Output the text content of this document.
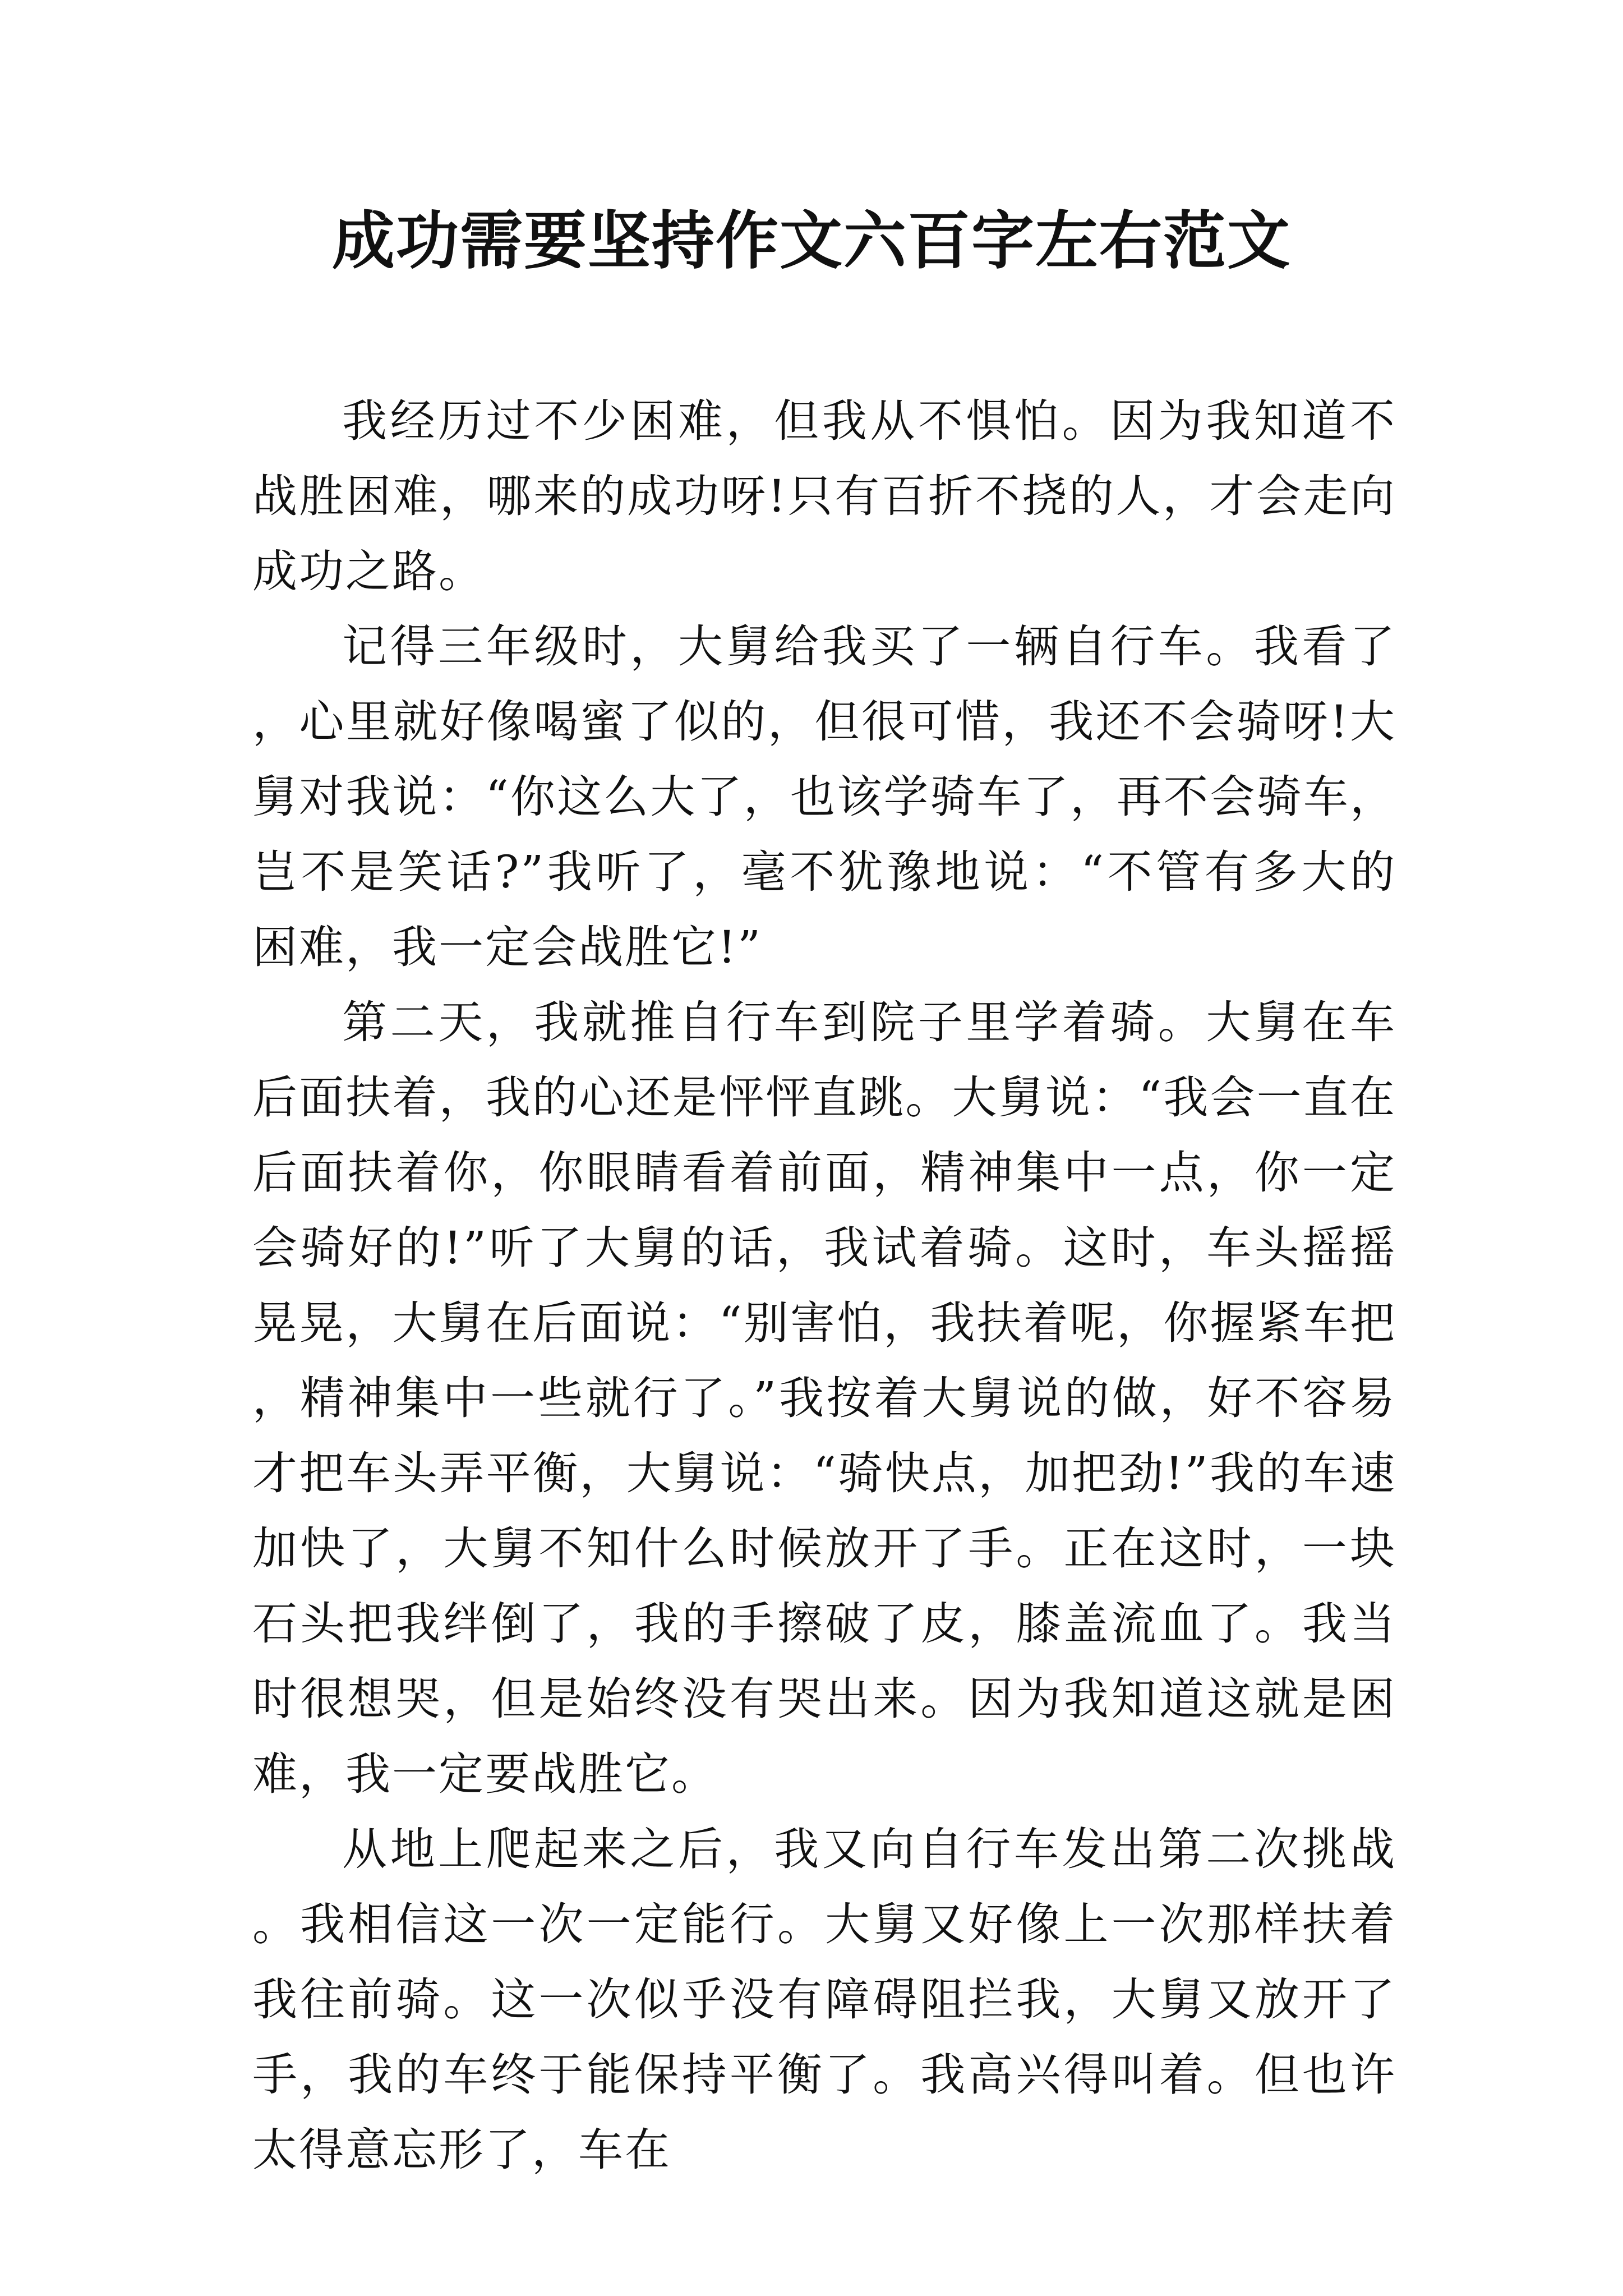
成功需要坚持作文六百字左右范文

我经历过不少困难，但我从不惧怕。因为我知道不战胜困难，哪来的成功呀!只有百折不挠的人，才会走向成功之路。

记得三年级时，大舅给我买了一辆自行车。我看了，心里就好像喝蜜了似的，但很可惜，我还不会骑呀!大舅对我说：“你这么大了，也该学骑车了，再不会骑车，岂不是笑话?”我听了，毫不犹豫地说：“不管有多大的困难，我一定会战胜它!”

第二天，我就推自行车到院子里学着骑。大舅在车后面扶着，我的心还是怦怦直跳。大舅说：“我会一直在后面扶着你，你眼睛看着前面，精神集中一点，你一定会骑好的!”听了大舅的话，我试着骑。这时，车头摇摇晃晃，大舅在后面说：“别害怕，我扶着呢，你握紧车把，精神集中一些就行了。”我按着大舅说的做，好不容易才把车头弄平衡，大舅说：“骑快点，加把劲!”我的车速加快了，大舅不知什么时候放开了手。正在这时，一块石头把我绊倒了，我的手擦破了皮，膝盖流血了。我当时很想哭，但是始终没有哭出来。因为我知道这就是困难，我一定要战胜它。

从地上爬起来之后，我又向自行车发出第二次挑战。我相信这一次一定能行。大舅又好像上一次那样扶着我往前骑。这一次似乎没有障碍阻拦我，大舅又放开了手，我的车终于能保持平衡了。我高兴得叫着。但也许太得意忘形了，车在
